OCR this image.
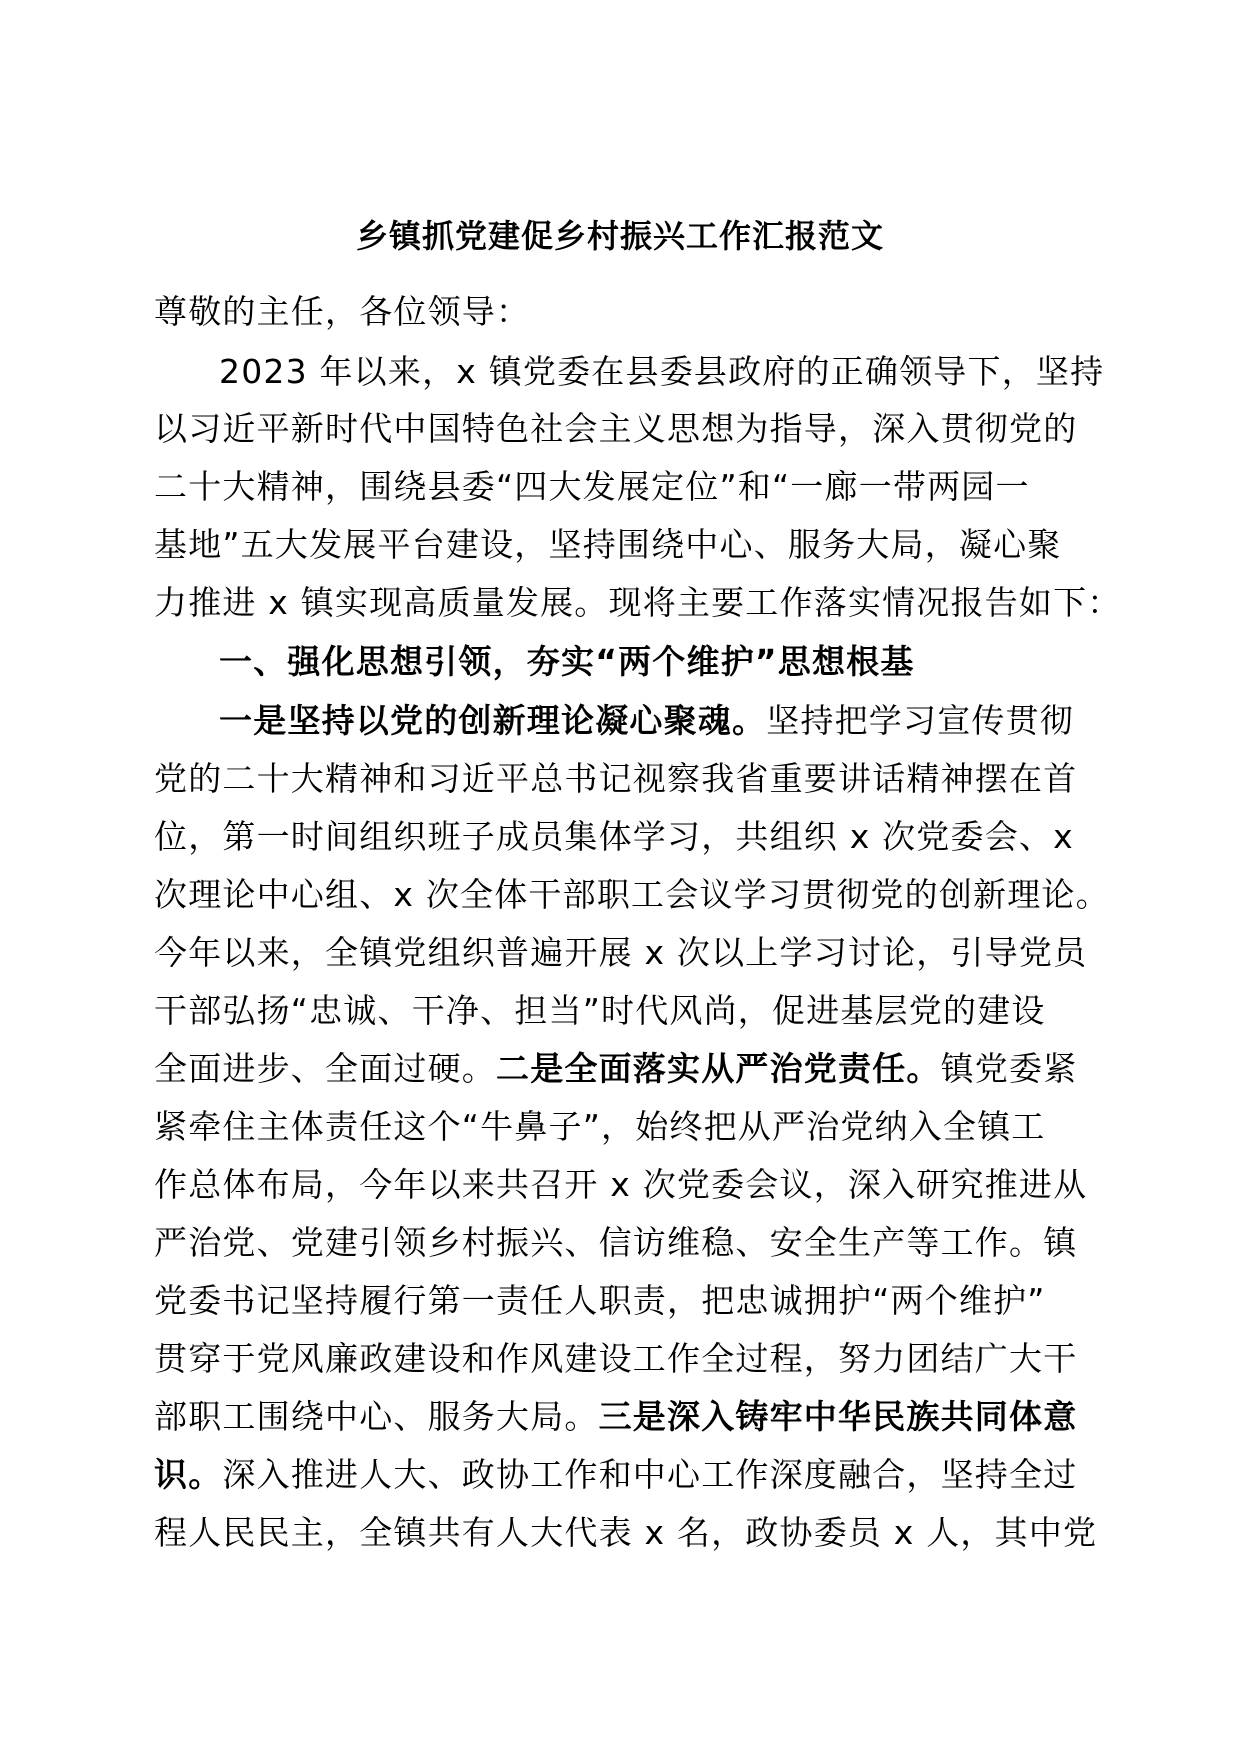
乡镇抓党建促乡村振兴工作汇报范文
尊敬的主任，各位领导：
2023 年以来，x 镇党委在县委县政府的正确领导下，坚持
以习近平新时代中国特色社会主义思想为指导，深入贯彻党的
二十大精神，围绕县委“四大发展定位”和“一廊一带两园一
基地”五大发展平台建设，坚持围绕中心、服务大局，凝心聚
力推进 x 镇实现高质量发展。现将主要工作落实情况报告如下：
一、强化思想引领，夯实“两个维护”思想根基
一是坚持以党的创新理论凝心聚魂。坚持把学习宣传贯彻
党的二十大精神和习近平总书记视察我省重要讲话精神摆在首
位，第一时间组织班子成员集体学习，共组织 x 次党委会、x
次理论中心组、x 次全体干部职工会议学习贯彻党的创新理论。
今年以来，全镇党组织普遍开展 x 次以上学习讨论，引导党员
干部弘扬“忠诚、干净、担当”时代风尚，促进基层党的建设
全面进步、全面过硬。二是全面落实从严治党责任。镇党委紧
紧牵住主体责任这个“牛鼻子”，始终把从严治党纳入全镇工
作总体布局，今年以来共召开 x 次党委会议，深入研究推进从
严治党、党建引领乡村振兴、信访维稳、安全生产等工作。镇
党委书记坚持履行第一责任人职责，把忠诚拥护“两个维护”
贯穿于党风廉政建设和作风建设工作全过程，努力团结广大干
部职工围绕中心、服务大局。三是深入铸牢中华民族共同体意
识。深入推进人大、政协工作和中心工作深度融合，坚持全过
程人民民主，全镇共有人大代表 x 名，政协委员 x 人，其中党
